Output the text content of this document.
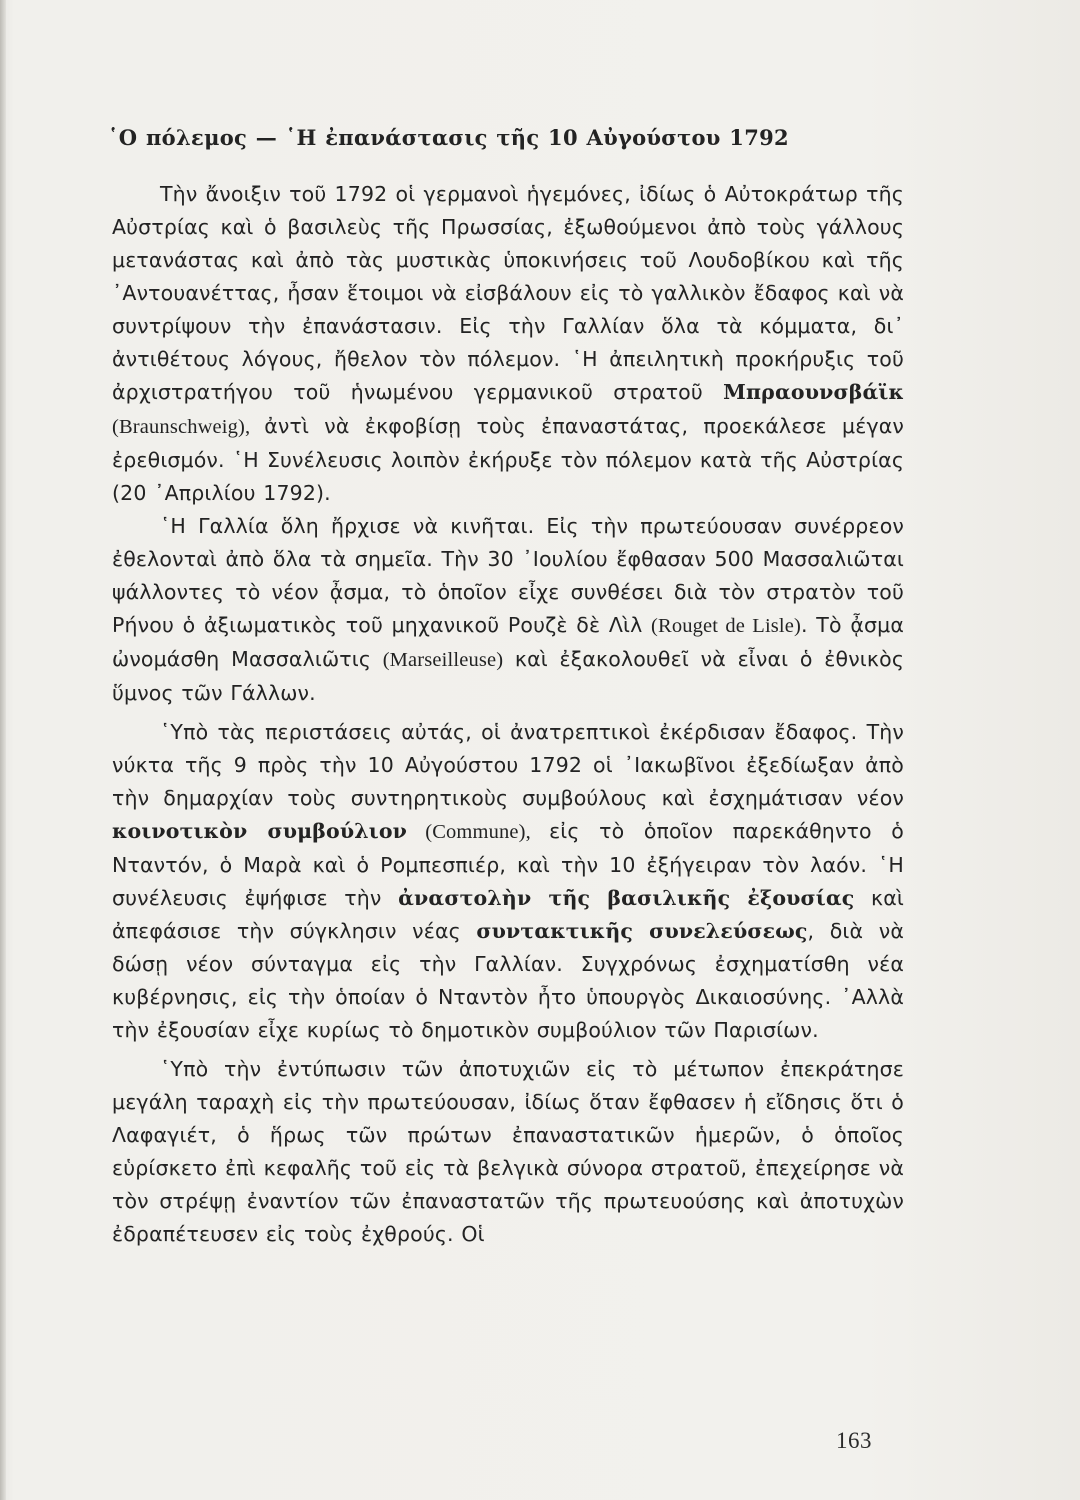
῾Ο πόλεμος — ῾Η ἐπανάστασις τῆς 10 Αὐγούστου 1792

Τὴν ἄνοιξιν τοῦ 1792 οἱ γερμανοὶ ἡγεμόνες, ἰδίως ὁ Αὐτοκράτωρ τῆς Αὐστρίας καὶ ὁ βασιλεὺς τῆς Πρωσσίας, ἐξωθούμενοι ἀπὸ τοὺς γάλλους μετανάστας καὶ ἀπὸ τὰς μυστικὰς ὑποκινήσεις τοῦ Λουδοβίκου καὶ τῆς ᾿Αντουανέττας, ἦσαν ἕτοιμοι νὰ εἰσβάλουν εἰς τὸ γαλλικὸν ἔδαφος καὶ νὰ συντρίψουν τὴν ἐπανάστασιν. Εἰς τὴν Γαλλίαν ὅλα τὰ κόμματα, δι᾿ ἀντιθέτους λόγους, ἤθελον τὸν πόλεμον. ῾Η ἀπειλητικὴ προκήρυξις τοῦ ἀρχιστρατήγου τοῦ ἡνωμένου γερμανικοῦ στρατοῦ Μπραουνσβάϊκ (Braunschweig), ἀντὶ νὰ ἐκφοβίσῃ τοὺς ἐπαναστάτας, προεκάλεσε μέγαν ἐρεθισμόν. ῾Η Συνέλευσις λοιπὸν ἐκήρυξε τὸν πόλεμον κατὰ τῆς Αὐστρίας (20 ᾿Απριλίου 1792).

῾Η Γαλλία ὅλη ἤρχισε νὰ κινῆται. Εἰς τὴν πρωτεύουσαν συνέρρεον ἐθελονταὶ ἀπὸ ὅλα τὰ σημεῖα. Τὴν 30 ᾿Ιουλίου ἔφθασαν 500 Μασσαλιῶται ψάλλοντες τὸ νέον ᾆσμα, τὸ ὁποῖον εἶχε συνθέσει διὰ τὸν στρατὸν τοῦ Ρήνου ὁ ἀξιωματικὸς τοῦ μηχανικοῦ Ρουζὲ δὲ Λὶλ (Rouget de Lisle). Τὸ ᾆσμα ὠνομάσθη Μασσαλιῶτις (Marseilleuse) καὶ ἐξακολουθεῖ νὰ εἶναι ὁ ἐθνικὸς ὕμνος τῶν Γάλλων.

῾Υπὸ τὰς περιστάσεις αὐτάς, οἱ ἀνατρεπτικοὶ ἐκέρδισαν ἔδαφος. Τὴν νύκτα τῆς 9 πρὸς τὴν 10 Αὐγούστου 1792 οἱ ᾿Ιακωβῖνοι ἐξεδίωξαν ἀπὸ τὴν δημαρχίαν τοὺς συντηρητικοὺς συμβούλους καὶ ἐσχημάτισαν νέον κοινοτικὸν συμβούλιον (Commune), εἰς τὸ ὁποῖον παρεκάθηντο ὁ Νταντόν, ὁ Μαρὰ καὶ ὁ Ρομπεσπιέρ, καὶ τὴν 10 ἐξήγειραν τὸν λαόν. ῾Η συνέλευσις ἐψήφισε τὴν ἀναστολὴν τῆς βασιλικῆς ἐξουσίας καὶ ἀπεφάσισε τὴν σύγκλησιν νέας συντακτικῆς συνελεύσεως, διὰ νὰ δώσῃ νέον σύνταγμα εἰς τὴν Γαλλίαν. Συγχρόνως ἐσχηματίσθη νέα κυβέρνησις, εἰς τὴν ὁποίαν ὁ Νταντὸν ἦτο ὑπουργὸς Δικαιοσύνης. ᾿Αλλὰ τὴν ἐξουσίαν εἶχε κυρίως τὸ δημοτικὸν συμβούλιον τῶν Παρισίων.

῾Υπὸ τὴν ἐντύπωσιν τῶν ἀποτυχιῶν εἰς τὸ μέτωπον ἐπεκράτησε μεγάλη ταραχὴ εἰς τὴν πρωτεύουσαν, ἰδίως ὅταν ἔφθασεν ἡ εἴδησις ὅτι ὁ Λαφαγιέτ, ὁ ἥρως τῶν πρώτων ἐπαναστατικῶν ἡμερῶν, ὁ ὁποῖος εὑρίσκετο ἐπὶ κεφαλῆς τοῦ εἰς τὰ βελγικὰ σύνορα στρατοῦ, ἐπεχείρησε νὰ τὸν στρέψῃ ἐναντίον τῶν ἐπαναστατῶν τῆς πρωτευούσης καὶ ἀποτυχὼν ἐδραπέτευσεν εἰς τοὺς ἐχθρούς. Οἱ

163
